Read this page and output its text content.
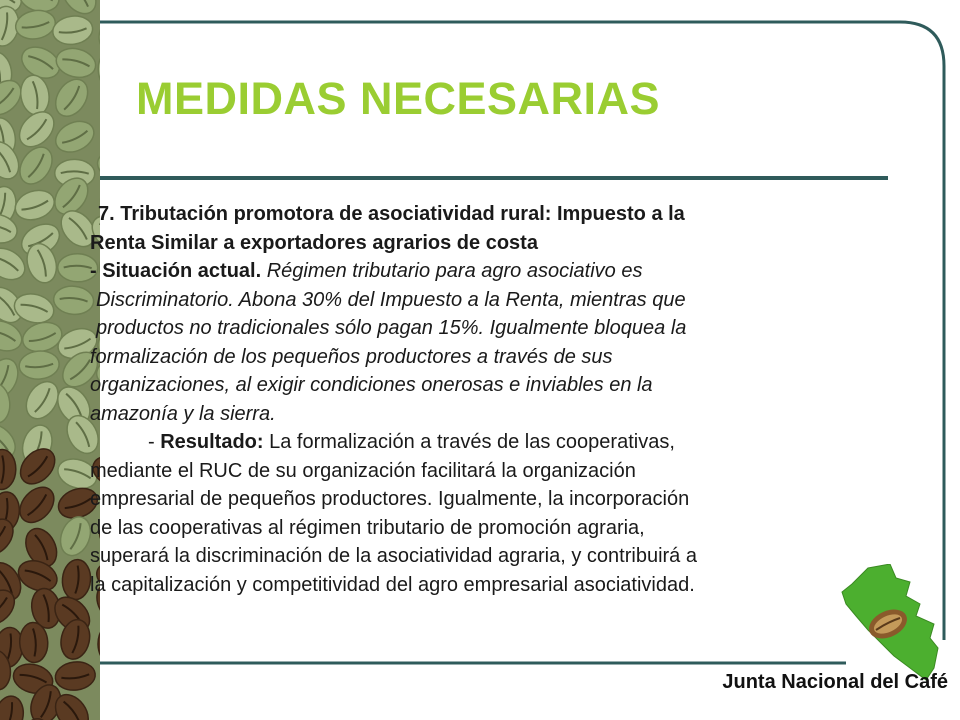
MEDIDAS NECESARIAS

7. Tributación promotora de asociatividad rural: Impuesto a la

Renta Similar a exportadores agrarios de costa

- Situación actual. Régimen tributario para agro asociativo es

Discriminatorio. Abona 30% del Impuesto a la Renta, mientras que

productos no tradicionales sólo pagan 15%. Igualmente bloquea la

formalización de los pequeños productores a través de sus

organizaciones, al exigir condiciones onerosas e inviables en la

amazonía y la sierra.

- Resultado: La formalización a través de las cooperativas,

mediante el RUC de su organización facilitará la organización

empresarial de pequeños productores. Igualmente, la incorporación

de las cooperativas al régimen tributario de promoción agraria,

superará la discriminación de la asociatividad agraria, y contribuirá a

la capitalización y competitividad del agro empresarial asociatividad.

Junta Nacional del Café
